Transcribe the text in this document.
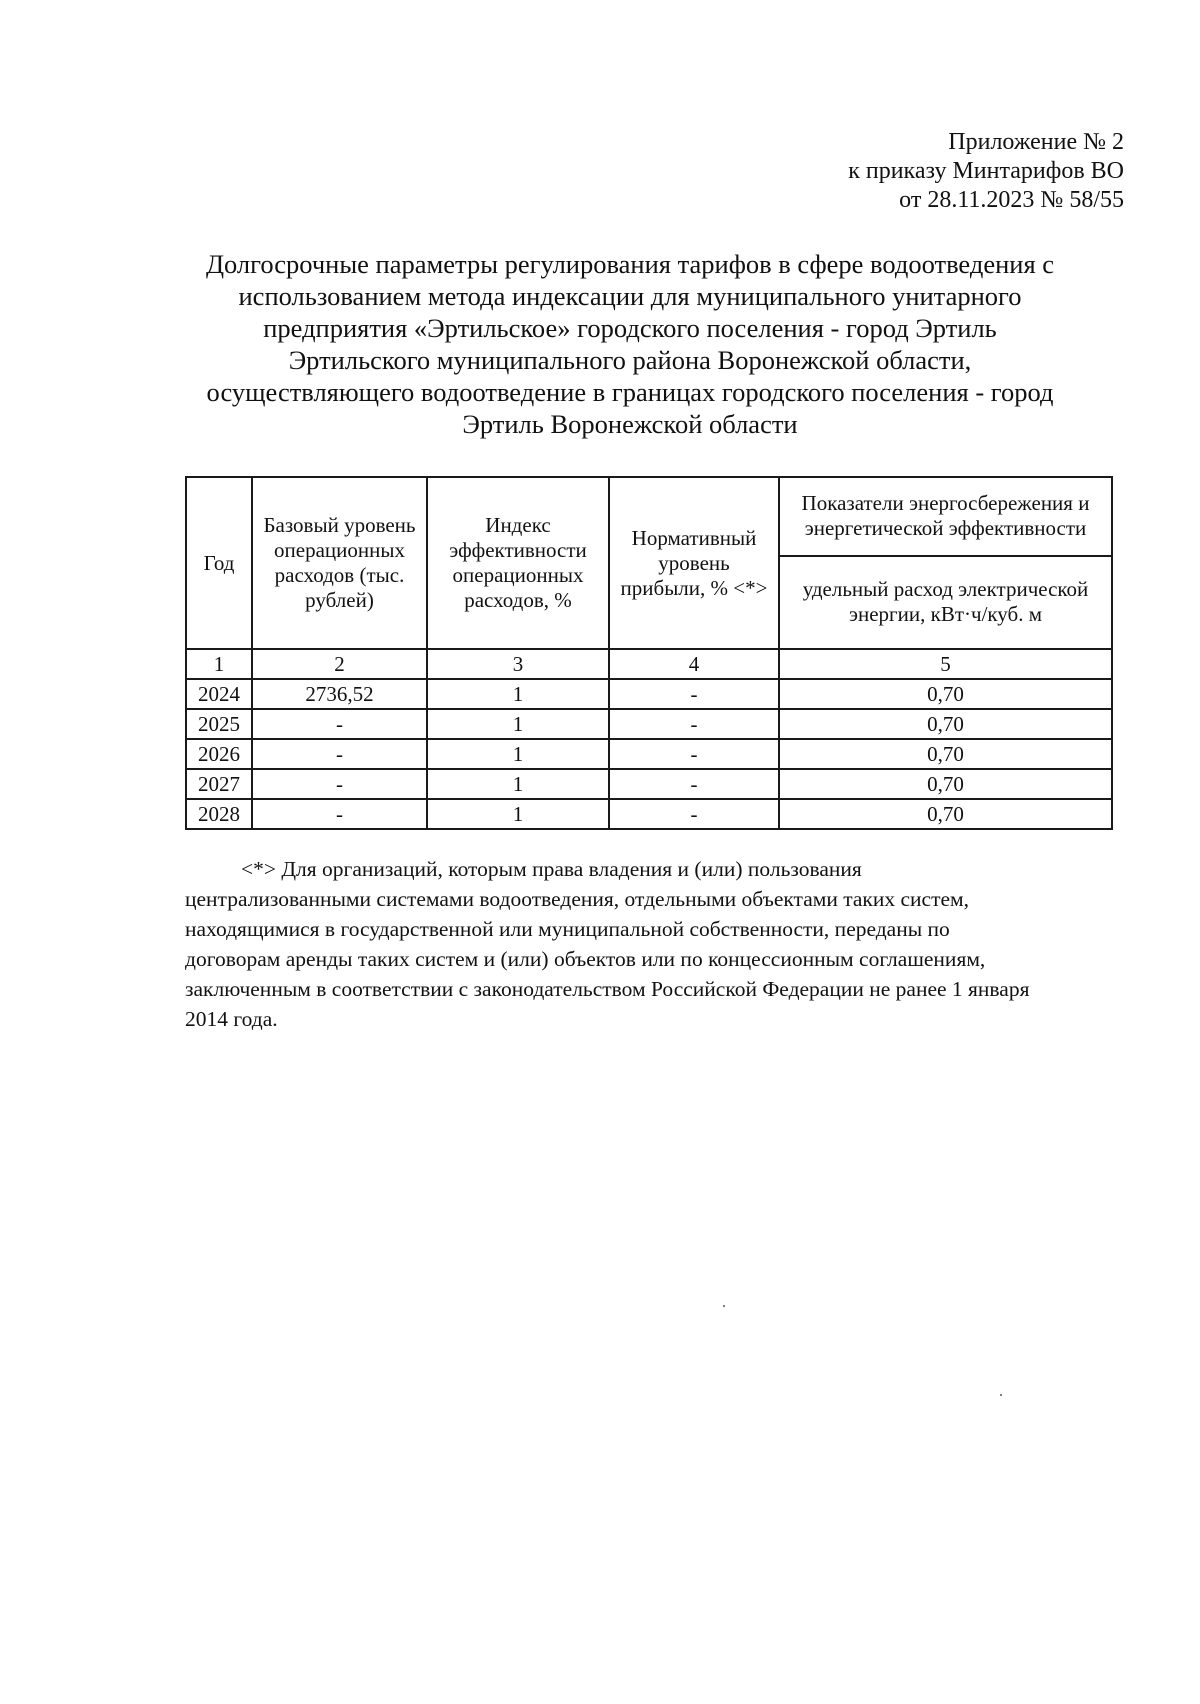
Приложение № 2
к приказу Минтарифов ВО
от 28.11.2023 № 58/55
Долгосрочные параметры регулирования тарифов в сфере водоотведения с
использованием метода индексации для муниципального унитарного
предприятия «Эртильское» городского поселения - город Эртиль
Эртильского муниципального района Воронежской области,
осуществляющего водоотведение в границах городского поселения - город
Эртиль Воронежской области
Год	Базовый уровень операционных расходов (тыс. рублей)	Индекс эффективности операционных расходов, %	Нормативный уровень прибыли, % <*>	Показатели энергосбережения и энергетической эффективности
				удельный расход электрической энергии, кВт·ч/куб. м
1	2	3	4	5
2024	2736,52	1	-	0,70
2025	-	1	-	0,70
2026	-	1	-	0,70
2027	-	1	-	0,70
2028	-	1	-	0,70
<*> Для организаций, которым права владения и (или) пользования
централизованными системами водоотведения, отдельными объектами таких систем,
находящимися в государственной или муниципальной собственности, переданы по
договорам аренды таких систем и (или) объектов или по концессионным соглашениям,
заключенным в соответствии с законодательством Российской Федерации не ранее 1 января
2014 года.
